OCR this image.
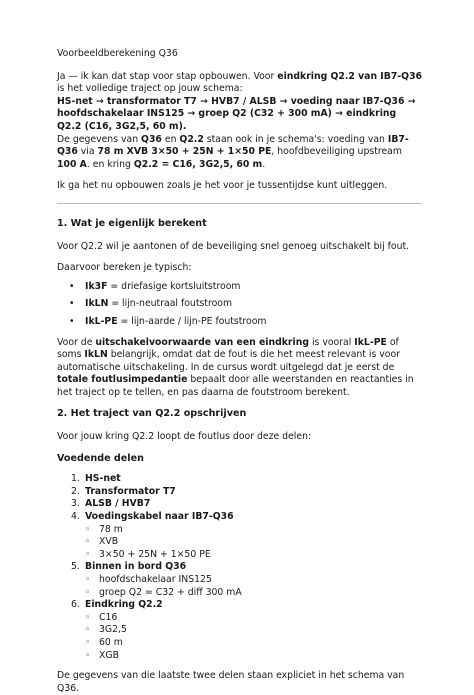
Voorbeeldberekening Q36

Ja — ik kan dat stap voor stap opbouwen. Voor eindkring Q2.2 van IB7-Q36 is het volledige traject op jouw schema:

HS-net → transformator T7 → HVB7 / ALSB → voeding naar IB7-Q36 → hoofdschakelaar INS125 → groep Q2 (C32 + 300 mA) → eindkring Q2.2 (C16, 3G2,5, 60 m).

De gegevens van Q36 en Q2.2 staan ook in je schema's: voeding van IB7-Q36 via 78 m XVB 3×50 + 25N + 1×50 PE, hoofdbeveiliging upstream 100 A. en kring Q2.2 = C16, 3G2,5, 60 m.

Ik ga het nu opbouwen zoals je het voor je tussentijdse kunt uitleggen.

1. Wat je eigenlijk berekent

Voor Q2.2 wil je aantonen of de beveiliging snel genoeg uitschakelt bij fout.

Daarvoor bereken je typisch:

• Ik3F = driefasige kortsluitstroom
• IkLN = lijn-neutraal foutstroom
• IkL-PE = lijn-aarde / lijn-PE foutstroom

Voor de uitschakelvoorwaarde van een eindkring is vooral IkL-PE of soms IkLN belangrijk, omdat dat de fout is die het meest relevant is voor automatische uitschakeling. In de cursus wordt uitgelegd dat je eerst de totale foutlusimpedantie bepaalt door alle weerstanden en reactanties in het traject op te tellen, en pas daarna de foutstroom berekent.

2. Het traject van Q2.2 opschrijven

Voor jouw kring Q2.2 loopt de foutlus door deze delen:

Voedende delen
1. HS-net
2. Transformator T7
3. ALSB / HVB7
4. Voedingskabel naar IB7-Q36
◦ 78 m
◦ XVB
◦ 3×50 + 25N + 1×50 PE
5. Binnen in bord Q36
◦ hoofdschakelaar INS125
◦ groep Q2 = C32 + diff 300 mA
6. Eindkring Q2.2
◦ C16
◦ 3G2,5
◦ 60 m
◦ XGB

De gegevens van die laatste twee delen staan expliciet in het schema van Q36.
